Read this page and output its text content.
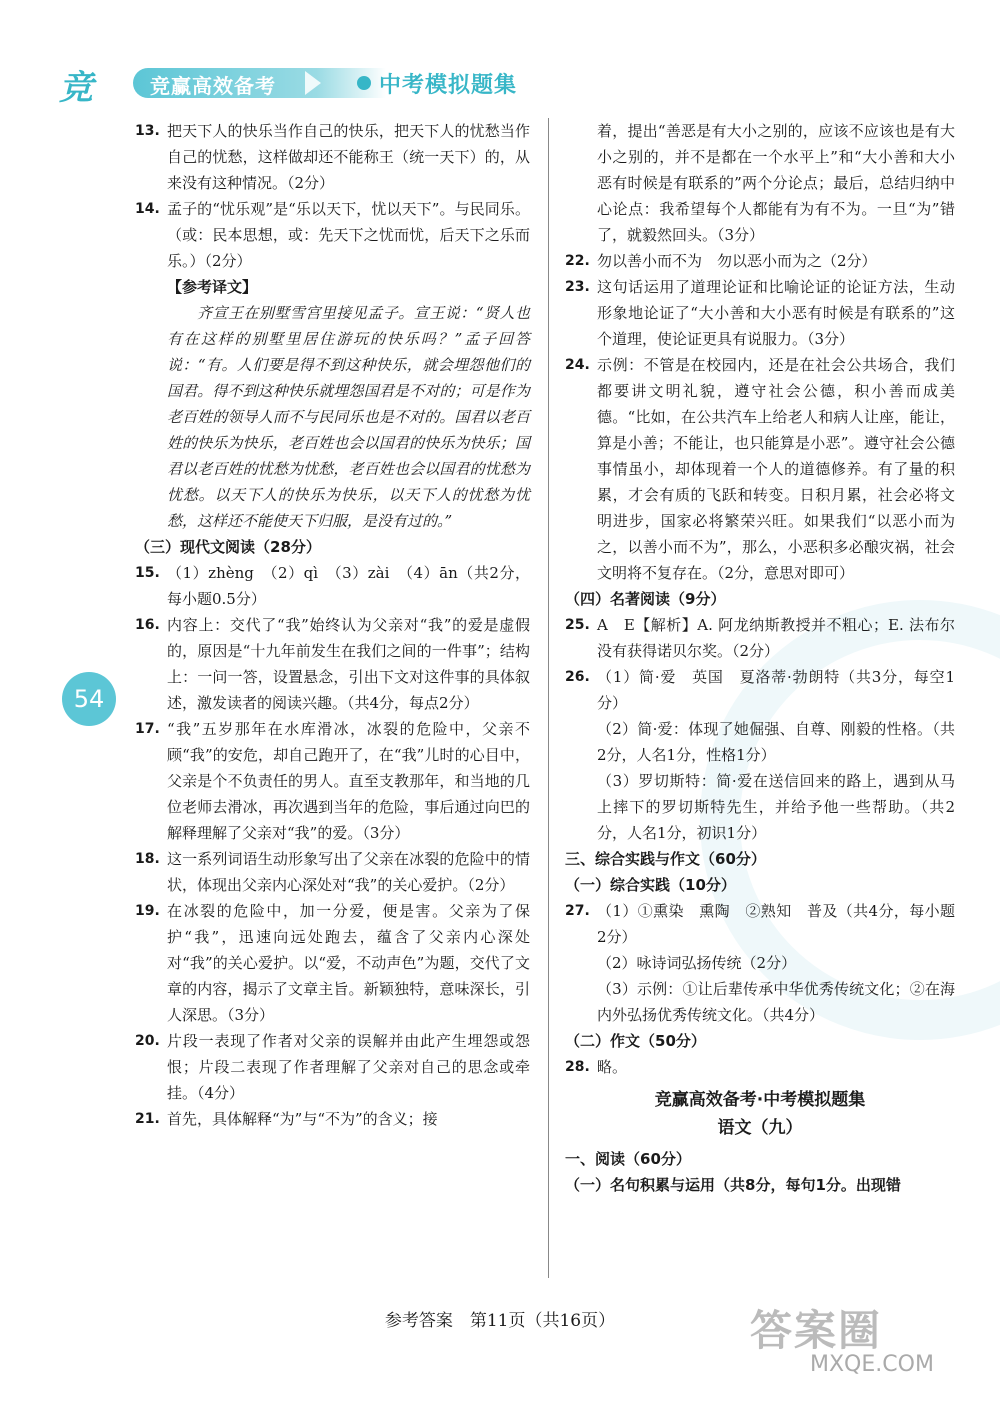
竞	竞赢高效备考	中考模拟题集
54

13. 把天下人的快乐当作自己的快乐，把天下人的忧愁当作自己的忧愁，这样做却还不能称王（统一天下）的，从来没有这种情况。（2分）

14. 孟子的“忧乐观”是“乐以天下，忧以天下”。与民同乐。（或：民本思想，或：先天下之忧而忧，后天下之乐而乐。）（2分）

【参考译文】

齐宣王在别墅雪宫里接见孟子。宣王说：“贤人也有在这样的别墅里居住游玩的快乐吗？”孟子回答说：“有。人们要是得不到这种快乐，就会埋怨他们的国君。得不到这种快乐就埋怨国君是不对的；可是作为老百姓的领导人而不与民同乐也是不对的。国君以老百姓的快乐为快乐，老百姓也会以国君的快乐为快乐；国君以老百姓的忧愁为忧愁，老百姓也会以国君的忧愁为忧愁。以天下人的快乐为快乐，以天下人的忧愁为忧愁，这样还不能使天下归服，是没有过的。”

（三）现代文阅读（28分）

15. （1）zhèng　（2）qì　（3）zài　（4）ān（共2分，每小题0.5分）

16. 内容上：交代了“我”始终认为父亲对“我”的爱是虚假的，原因是“十九年前发生在我们之间的一件事”；结构上：一问一答，设置悬念，引出下文对这件事的具体叙述，激发读者的阅读兴趣。（共4分，每点2分）

17. “我”五岁那年在水库滑冰，冰裂的危险中，父亲不顾“我”的安危，却自己跑开了，在“我”儿时的心目中，父亲是个不负责任的男人。直至支教那年，和当地的几位老师去滑冰，再次遇到当年的危险，事后通过向巴的解释理解了父亲对“我”的爱。（3分）

18. 这一系列词语生动形象写出了父亲在冰裂的危险中的情状，体现出父亲内心深处对“我”的关心爱护。（2分）

19. 在冰裂的危险中，加一分爱，便是害。父亲为了保护“我”，迅速向远处跑去，蕴含了父亲内心深处对“我”的关心爱护。以“爱，不动声色”为题，交代了文章的内容，揭示了文章主旨。新颖独特，意味深长，引人深思。（3分）

20. 片段一表现了作者对父亲的误解并由此产生埋怨或怨恨；片段二表现了作者理解了父亲对自己的思念或牵挂。（4分）

21. 首先，具体解释“为”与“不为”的含义；接

着，提出“善恶是有大小之别的，应该不应该也是有大小之别的，并不是都在一个水平上”和“大小善和大小恶有时候是有联系的”两个分论点；最后，总结归纳中心论点：我希望每个人都能有为有不为。一旦“为”错了，就毅然回头。（3分）

22. 勿以善小而不为　勿以恶小而为之（2分）

23. 这句话运用了道理论证和比喻论证的论证方法，生动形象地论证了“大小善和大小恶有时候是有联系的”这个道理，使论证更具有说服力。（3分）

24. 示例：不管是在校园内，还是在社会公共场合，我们都要讲文明礼貌，遵守社会公德，积小善而成美德。“比如，在公共汽车上给老人和病人让座，能让，算是小善；不能让，也只能算是小恶”。遵守社会公德事情虽小，却体现着一个人的道德修养。有了量的积累，才会有质的飞跃和转变。日积月累，社会必将文明进步，国家必将繁荣兴旺。如果我们“以恶小而为之，以善小而不为”，那么，小恶积多必酿灾祸，社会文明将不复存在。（2分，意思对即可）

（四）名著阅读（9分）

25. A　E【解析】A. 阿龙纳斯教授并不粗心；E. 法布尔没有获得诺贝尔奖。（2分）

26. （1）简·爱　英国　夏洛蒂·勃朗特（共3分，每空1分）

（2）简·爱：体现了她倔强、自尊、刚毅的性格。（共2分，人名1分，性格1分）

（3）罗切斯特：简·爱在送信回来的路上，遇到从马上摔下的罗切斯特先生，并给予他一些帮助。（共2分，人名1分，初识1分）

三、综合实践与作文（60分）

（一）综合实践（10分）

27. （1）①熏染　熏陶　②熟知　普及（共4分，每小题2分）

（2）咏诗词弘扬传统（2分）

（3）示例：①让后辈传承中华优秀传统文化；②在海内外弘扬优秀传统文化。（共4分）

（二）作文（50分）

28. 略。

竞赢高效备考·中考模拟题集

语文（九）

一、阅读（60分）

（一）名句积累与运用（共8分，每句1分。出现错

参考答案　第11页（共16页）	答案圈
MXQE.COM
